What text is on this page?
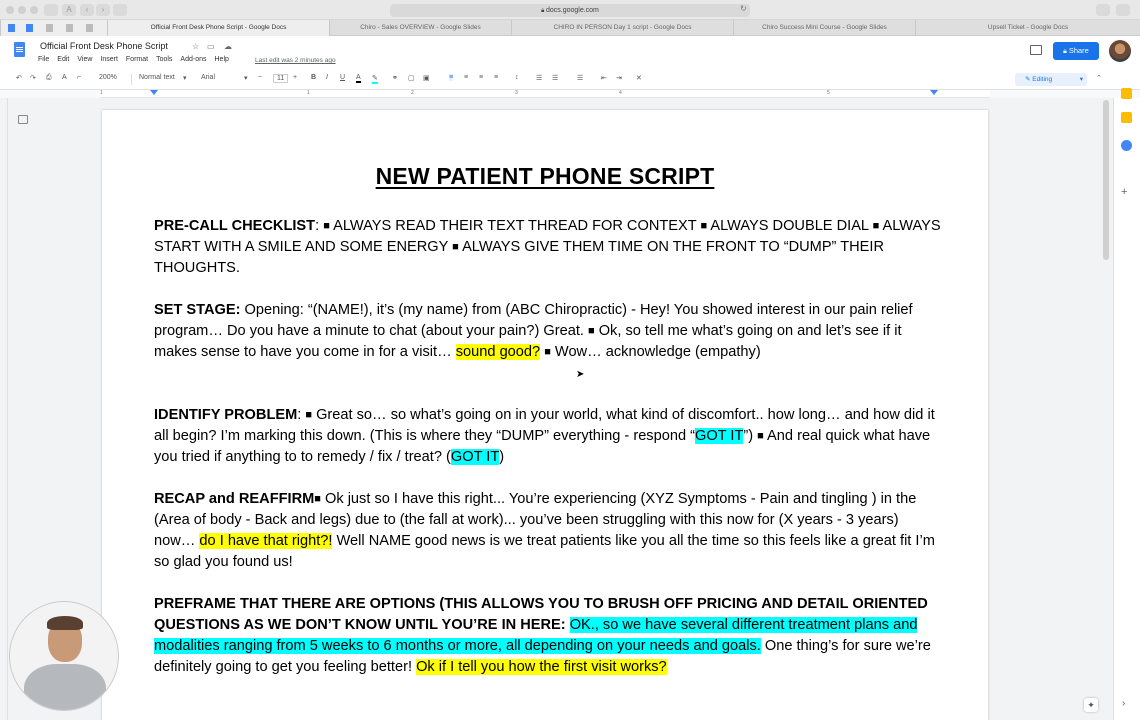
A	‹	›	🔒︎ docs.google.com	↻
Official Front Desk Phone Script - Google Docs	Chiro - Sales OVERVIEW - Google Slides	CHIRO IN PERSON Day 1 script - Google Docs	Chiro Success Mini Course - Google Slides	Upsell Ticket - Google Docs
Official Front Desk Phone Script	☆ ▭ ☁
File Edit View Insert Format Tools Add-ons Help	Last edit was 2 minutes ago
🔒︎ Share
↶ ↷ ⎙ A ⌐	200%	Normal text ▾ Arial	▾ −	11	+ B I U A ✎ ⚭ ▢ ▣	≡ ≡ ≡ ≡ ↕	☰ ☰	☰	⇤ ⇥ ✕	✎ Editing	▾ ⌃
1	1	2	3	4	5
NEW PATIENT PHONE SCRIPT
PRE-CALL CHECKLIST: ■ ALWAYS READ THEIR TEXT THREAD FOR CONTEXT ■ ALWAYS DOUBLE DIAL ■ ALWAYS START WITH A SMILE AND SOME ENERGY ■ ALWAYS GIVE THEM TIME ON THE FRONT TO “DUMP” THEIR THOUGHTS.
SET STAGE: Opening: “(NAME!), it’s (my name) from (ABC Chiropractic) - Hey! You showed interest in our pain relief program… Do you have a minute to chat (about your pain?) Great. ■ Ok, so tell me what’s going on and let’s see if it makes sense to have you come in for a visit… sound good? ■ Wow… acknowledge (empathy)
IDENTIFY PROBLEM: ■ Great so… so what’s going on in your world, what kind of discomfort.. how long… and how did it all begin? I’m marking this down. (This is where they “DUMP” everything - respond “GOT IT”) ■ And real quick what have you tried if anything to to remedy / fix / treat? (GOT IT)
RECAP and REAFFIRM■ Ok just so I have this right... You’re experiencing (XYZ Symptoms - Pain and tingling ) in the (Area of body - Back and legs) due to (the fall at work)... you’ve been struggling with this now for (X years - 3 years) now… do I have that right?! Well NAME good news is we treat patients like you all the time so this feels like a great fit I’m so glad you found us!
PREFRAME THAT THERE ARE OPTIONS (THIS ALLOWS YOU TO BRUSH OFF PRICING AND DETAIL ORIENTED QUESTIONS AS WE DON’T KNOW UNTIL YOU’RE IN HERE: OK., so we have several different treatment plans and modalities ranging from 5 weeks to 6 months or more, all depending on your needs and goals. One thing’s for sure we’re definitely going to get you feeling better! Ok if I tell you how the first visit works?
+
›
✦
➤
